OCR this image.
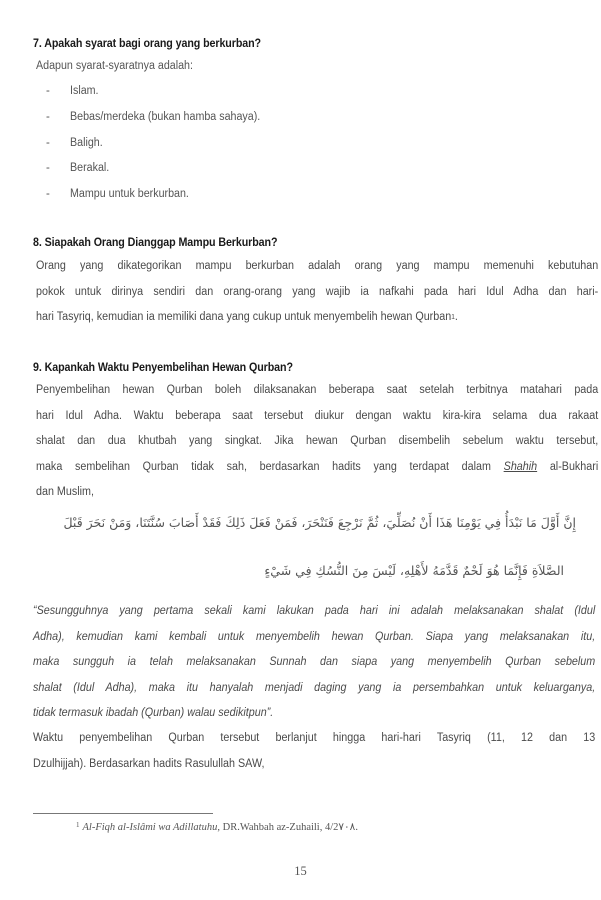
7. Apakah syarat bagi orang yang berkurban?
Adapun syarat-syaratnya adalah:
- Islam.
- Bebas/merdeka (bukan hamba sahaya).
- Baligh.
- Berakal.
- Mampu untuk berkurban.
8. Siapakah Orang Dianggap Mampu Berkurban?
Orang yang dikategorikan mampu berkurban adalah orang yang mampu memenuhi kebutuhan
pokok untuk dirinya sendiri dan orang-orang yang wajib ia nafkahi pada hari Idul Adha dan hari-
hari Tasyriq, kemudian ia memiliki dana yang cukup untuk menyembelih hewan Qurban$^1$.
9. Kapankah Waktu Penyembelihan Hewan Qurban?
Penyembelihan hewan Qurban boleh dilaksanakan beberapa saat setelah terbitnya matahari pada
hari Idul Adha. Waktu beberapa saat tersebut diukur dengan waktu kira-kira selama dua rakaat
shalat dan dua khutbah yang singkat. Jika hewan Qurban disembelih sebelum waktu tersebut,
maka sembelihan Qurban tidak sah, berdasarkan hadits yang terdapat dalam Shahih al-Bukhari
dan Muslim,
إِنَّ أَوَّلَ مَا نَبْدَأُ فِي يَوْمِنَا هَذَا أَنْ نُصَلِّيَ، ثُمَّ نَرْجِعَ فَنَنْحَرَ، فَمَنْ فَعَلَ ذَلِكَ فَقَدْ أَصَابَ سُنَّتَنَا، وَمَنْ نَحَرَ قَبْلَ
الصَّلاَةِ فَإِنَّمَا هُوَ لَحْمٌ قَدَّمَهُ لأَهْلِهِ، لَيْسَ مِنَ النُّسُكِ فِي شَيْءٍ
“Sesungguhnya yang pertama sekali kami lakukan pada hari ini adalah melaksanakan shalat (Idul
Adha), kemudian kami kembali untuk menyembelih hewan Qurban. Siapa yang melaksanakan itu,
maka sungguh ia telah melaksanakan Sunnah dan siapa yang menyembelih Qurban sebelum
shalat (Idul Adha), maka itu hanyalah menjadi daging yang ia persembahkan untuk keluarganya,
tidak termasuk ibadah (Qurban) walau sedikitpun”.
Waktu penyembelihan Qurban tersebut berlanjut hingga hari-hari Tasyriq (11, 12 dan 13
Dzulhijjah). Berdasarkan hadits Rasulullah SAW,
$^1$ Al-Fiqh al-Islâmi wa Adillatuhu, DR.Wahbah az-Zuhaili, 4/2٧٠٨.
15
